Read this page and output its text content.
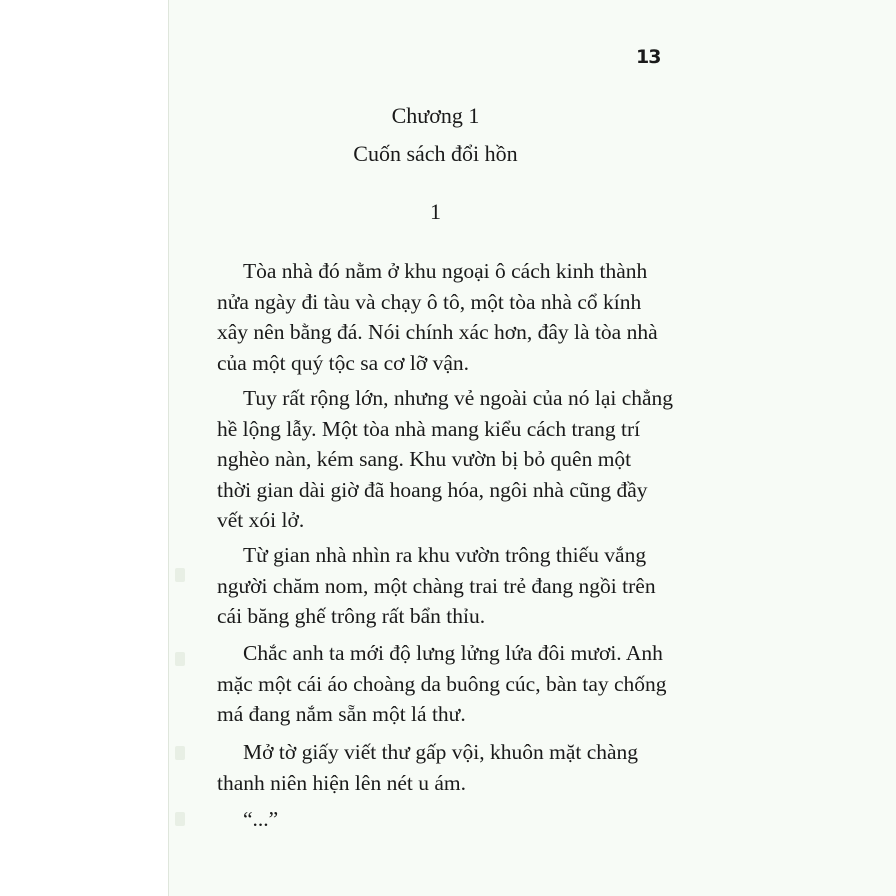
13
Chương 1
Cuốn sách đổi hồn
1
Tòa nhà đó nằm ở khu ngoại ô cách kinh thành
nửa ngày đi tàu và chạy ô tô, một tòa nhà cổ kính
xây nên bằng đá. Nói chính xác hơn, đây là tòa nhà
của một quý tộc sa cơ lỡ vận.
Tuy rất rộng lớn, nhưng vẻ ngoài của nó lại chẳng
hề lộng lẫy. Một tòa nhà mang kiểu cách trang trí
nghèo nàn, kém sang. Khu vườn bị bỏ quên một
thời gian dài giờ đã hoang hóa, ngôi nhà cũng đầy
vết xói lở.
Từ gian nhà nhìn ra khu vườn trông thiếu vắng
người chăm nom, một chàng trai trẻ đang ngồi trên
cái băng ghế trông rất bẩn thỉu.
Chắc anh ta mới độ lưng lửng lứa đôi mươi. Anh
mặc một cái áo choàng da buông cúc, bàn tay chống
má đang nắm sẵn một lá thư.
Mở tờ giấy viết thư gấp vội, khuôn mặt chàng
thanh niên hiện lên nét u ám.
“...”
